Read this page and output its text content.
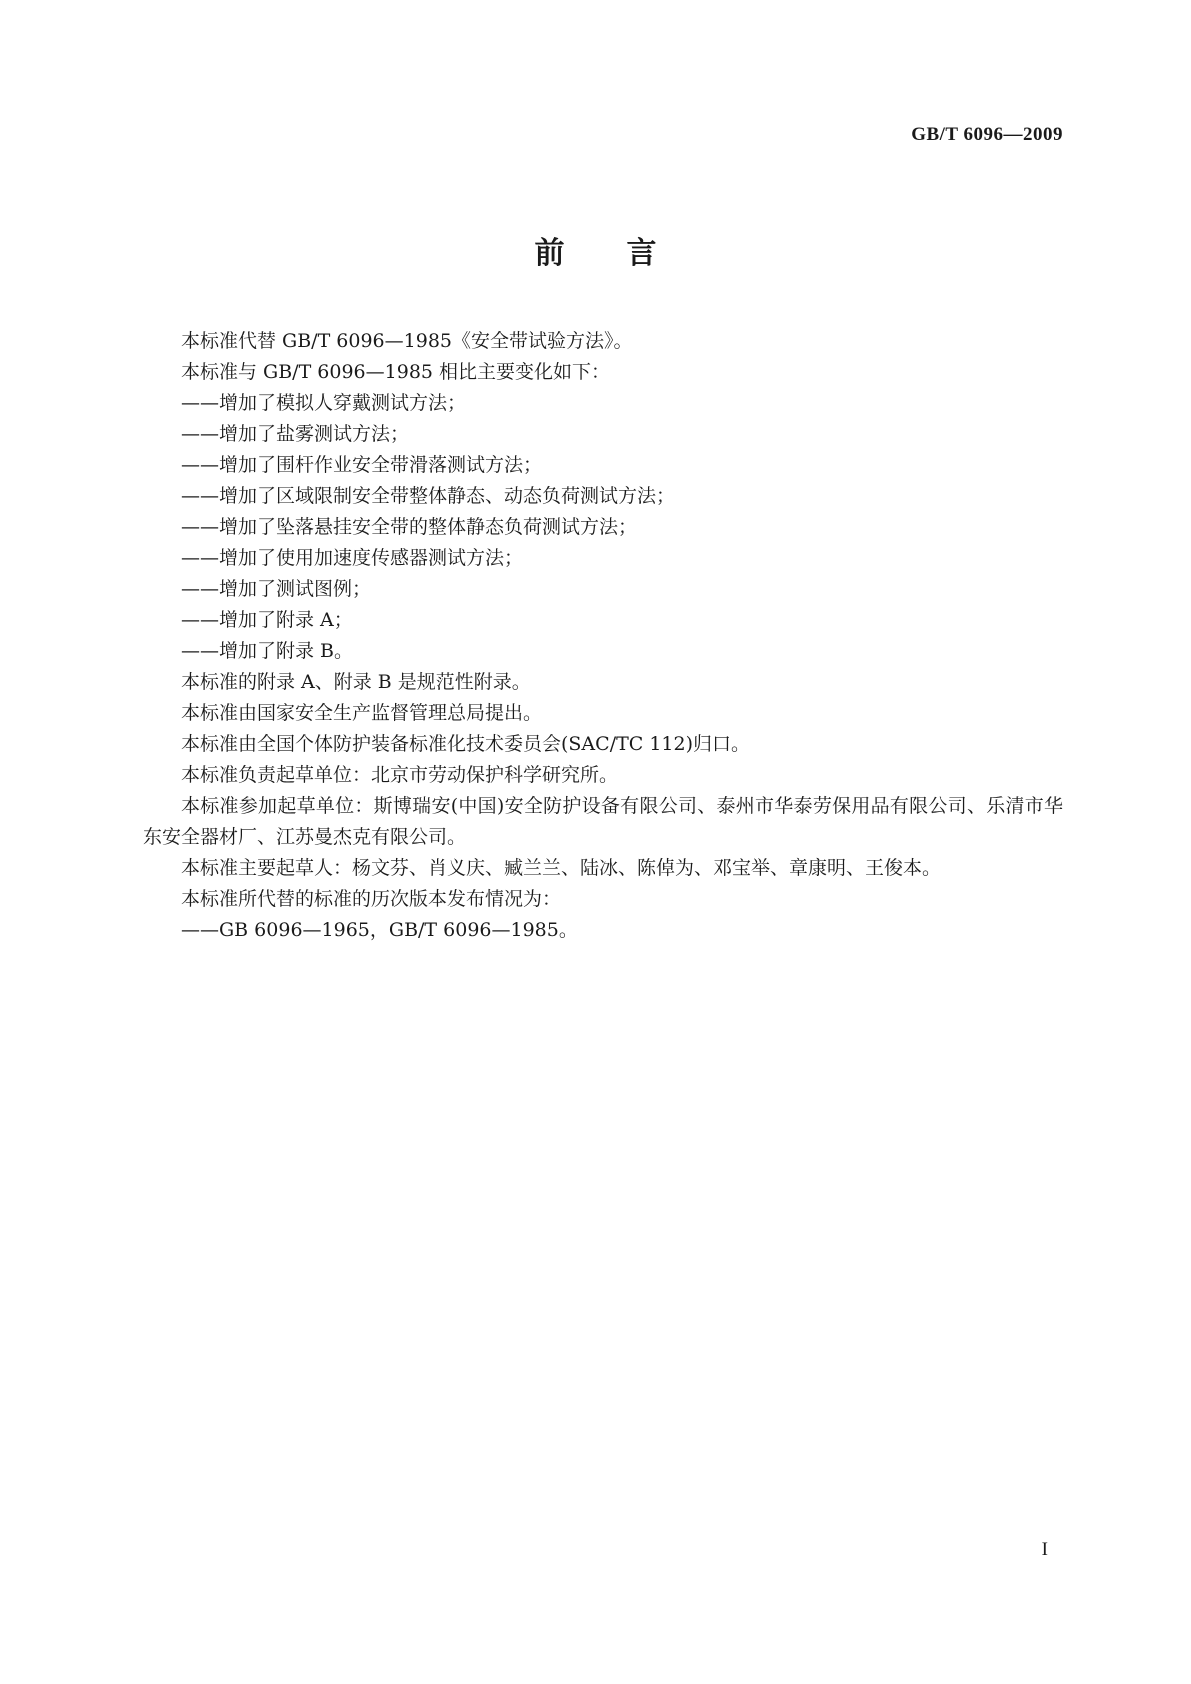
GB/T 6096—2009
前言

本标准代替 GB/T 6096—1985《安全带试验方法》。

本标准与 GB/T 6096—1985 相比主要变化如下：

——增加了模拟人穿戴测试方法；

——增加了盐雾测试方法；

——增加了围杆作业安全带滑落测试方法；

——增加了区域限制安全带整体静态、动态负荷测试方法；

——增加了坠落悬挂安全带的整体静态负荷测试方法；

——增加了使用加速度传感器测试方法；

——增加了测试图例；

——增加了附录 A；

——增加了附录 B。

本标准的附录 A、附录 B 是规范性附录。

本标准由国家安全生产监督管理总局提出。

本标准由全国个体防护装备标准化技术委员会(SAC/TC 112)归口。

本标准负责起草单位：北京市劳动保护科学研究所。

本标准参加起草单位：斯博瑞安(中国)安全防护设备有限公司、泰州市华泰劳保用品有限公司、乐清市华东安全器材厂、江苏曼杰克有限公司。

本标准主要起草人：杨文芬、肖义庆、臧兰兰、陆冰、陈倬为、邓宝举、章康明、王俊本。

本标准所代替的标准的历次版本发布情况为：

——GB 6096—1965，GB/T 6096—1985。

I
